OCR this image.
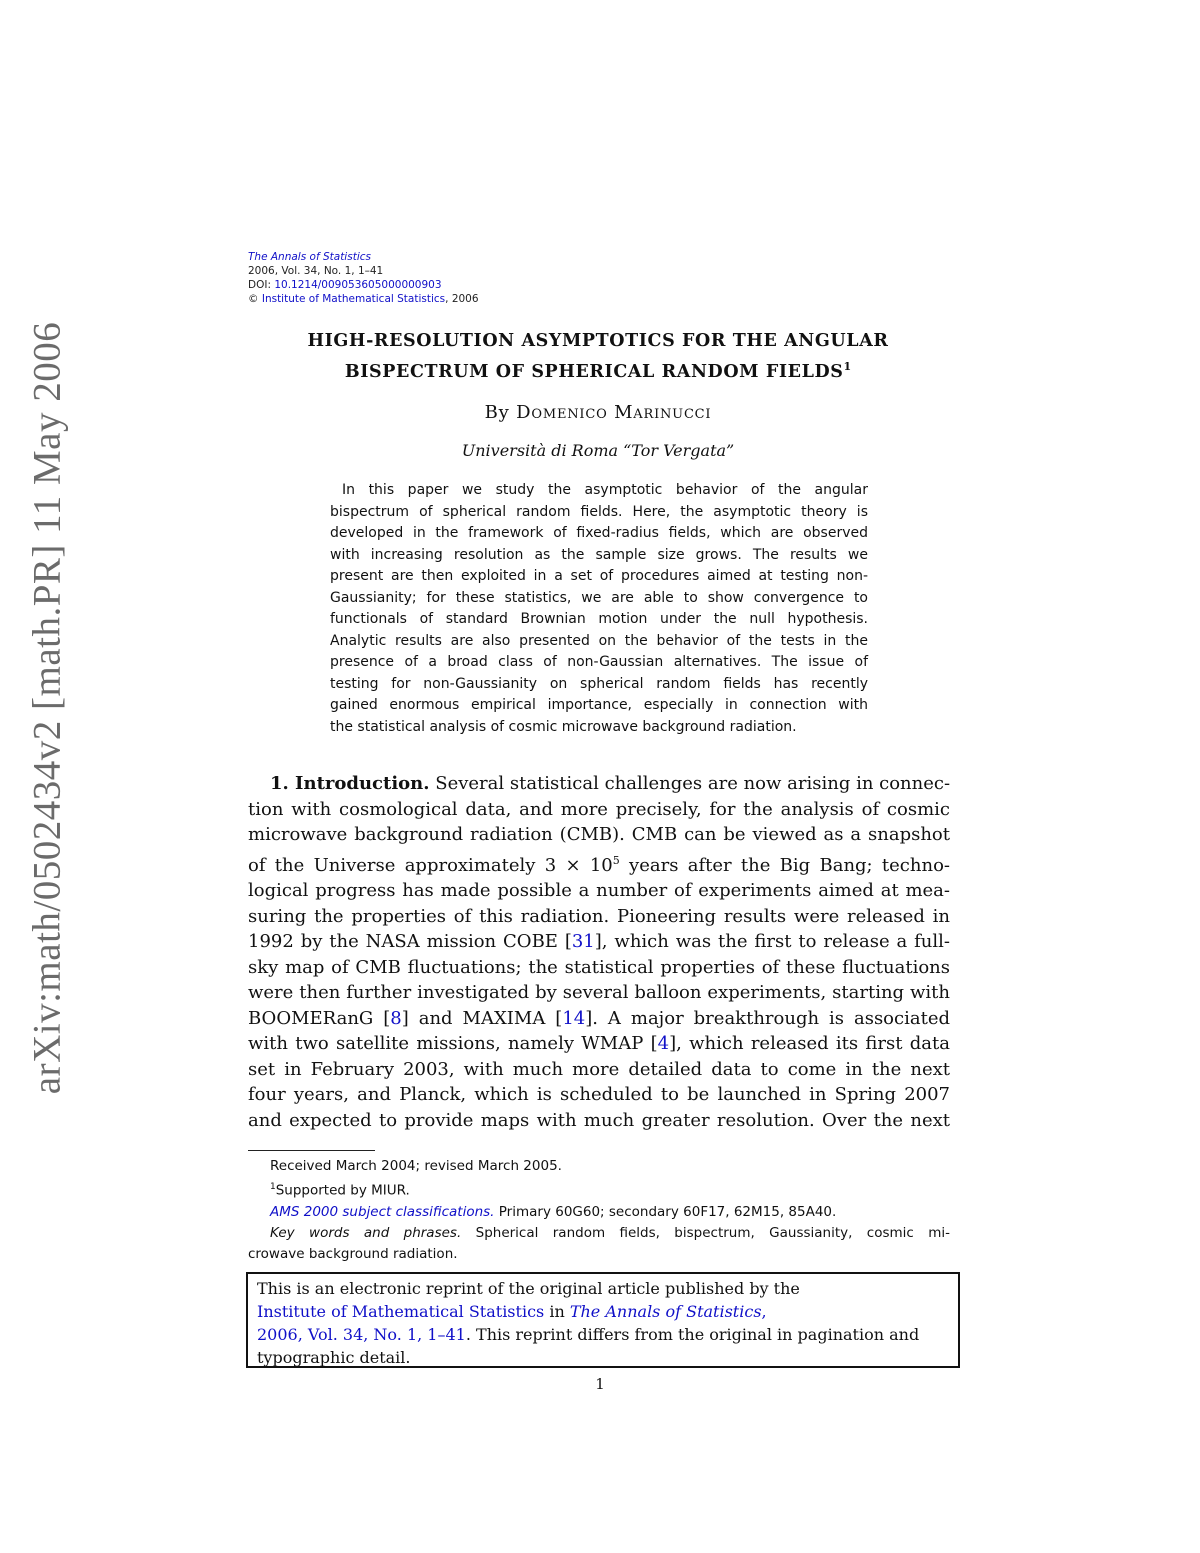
arXiv:math/0502434v2 [math.PR] 11 May 2006
The Annals of Statistics
2006, Vol. 34, No. 1, 1–41
DOI: 10.1214/009053605000000903
© Institute of Mathematical Statistics, 2006
HIGH-RESOLUTION ASYMPTOTICS FOR THE ANGULAR
BISPECTRUM OF SPHERICAL RANDOM FIELDS$^1$
By Domenico Marinucci
Università di Roma “Tor Vergata”
In this paper we study the asymptotic behavior of the angular
bispectrum of spherical random fields. Here, the asymptotic theory is
developed in the framework of fixed-radius fields, which are observed
with increasing resolution as the sample size grows. The results we
present are then exploited in a set of procedures aimed at testing non-
Gaussianity; for these statistics, we are able to show convergence to
functionals of standard Brownian motion under the null hypothesis.
Analytic results are also presented on the behavior of the tests in the
presence of a broad class of non-Gaussian alternatives. The issue of
testing for non-Gaussianity on spherical random fields has recently
gained enormous empirical importance, especially in connection with
the statistical analysis of cosmic microwave background radiation.
1. Introduction. Several statistical challenges are now arising in connec-
tion with cosmological data, and more precisely, for the analysis of cosmic
microwave background radiation (CMB). CMB can be viewed as a snapshot
of the Universe approximately $3 \times 10^5$ years after the Big Bang; techno-
logical progress has made possible a number of experiments aimed at mea-
suring the properties of this radiation. Pioneering results were released in
1992 by the NASA mission COBE [31], which was the first to release a full-
sky map of CMB fluctuations; the statistical properties of these fluctuations
were then further investigated by several balloon experiments, starting with
BOOMERanG [8] and MAXIMA [14]. A major breakthrough is associated
with two satellite missions, namely WMAP [4], which released its first data
set in February 2003, with much more detailed data to come in the next
four years, and Planck, which is scheduled to be launched in Spring 2007
and expected to provide maps with much greater resolution. Over the next
Received March 2004; revised March 2005.
$^1$Supported by MIUR.
AMS 2000 subject classifications. Primary 60G60; secondary 60F17, 62M15, 85A40.
Key words and phrases. Spherical random fields, bispectrum, Gaussianity, cosmic mi-
crowave background radiation.
This is an electronic reprint of the original article published by the
Institute of Mathematical Statistics in The Annals of Statistics,
2006, Vol. 34, No. 1, 1–41. This reprint differs from the original in pagination and
typographic detail.
1
